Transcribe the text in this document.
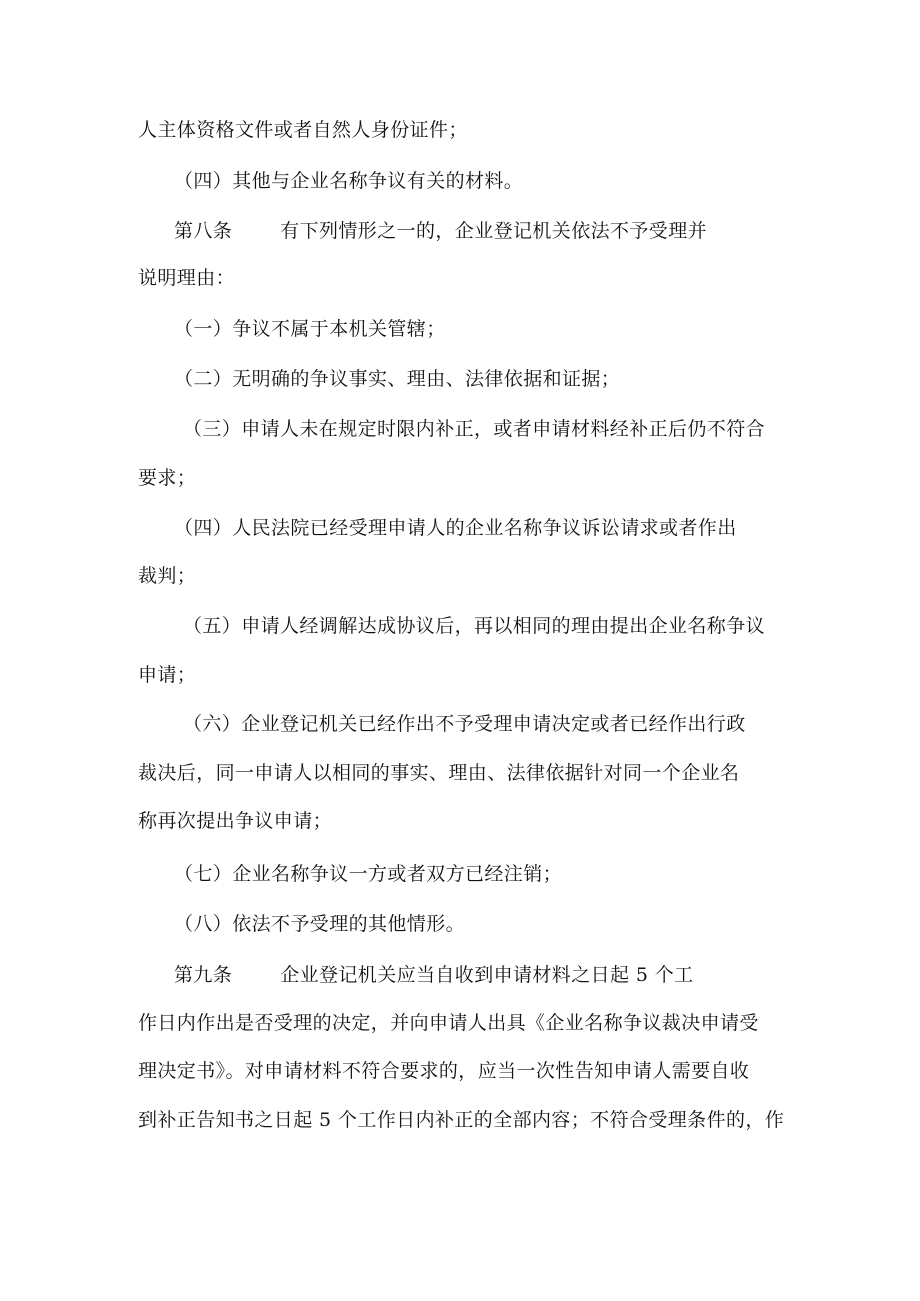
人主体资格文件或者自然人身份证件；
（四）其他与企业名称争议有关的材料。
第八条	有下列情形之一的，企业登记机关依法不予受理并
说明理由：
（一）争议不属于本机关管辖；
（二）无明确的争议事实、理由、法律依据和证据；
（三）申请人未在规定时限内补正，或者申请材料经补正后仍不符合
要求；
（四）人民法院已经受理申请人的企业名称争议诉讼请求或者作出
裁判；
（五）申请人经调解达成协议后，再以相同的理由提出企业名称争议
申请；
（六）企业登记机关已经作出不予受理申请决定或者已经作出行政
裁决后，同一申请人以相同的事实、理由、法律依据针对同一个企业名
称再次提出争议申请；
（七）企业名称争议一方或者双方已经注销；
（八）依法不予受理的其他情形。
第九条	企业登记机关应当自收到申请材料之日起 5 个工
作日内作出是否受理的决定，并向申请人出具《企业名称争议裁决申请受
理决定书》。对申请材料不符合要求的，应当一次性告知申请人需要自收
到补正告知书之日起 5 个工作日内补正的全部内容；不符合受理条件的，作
